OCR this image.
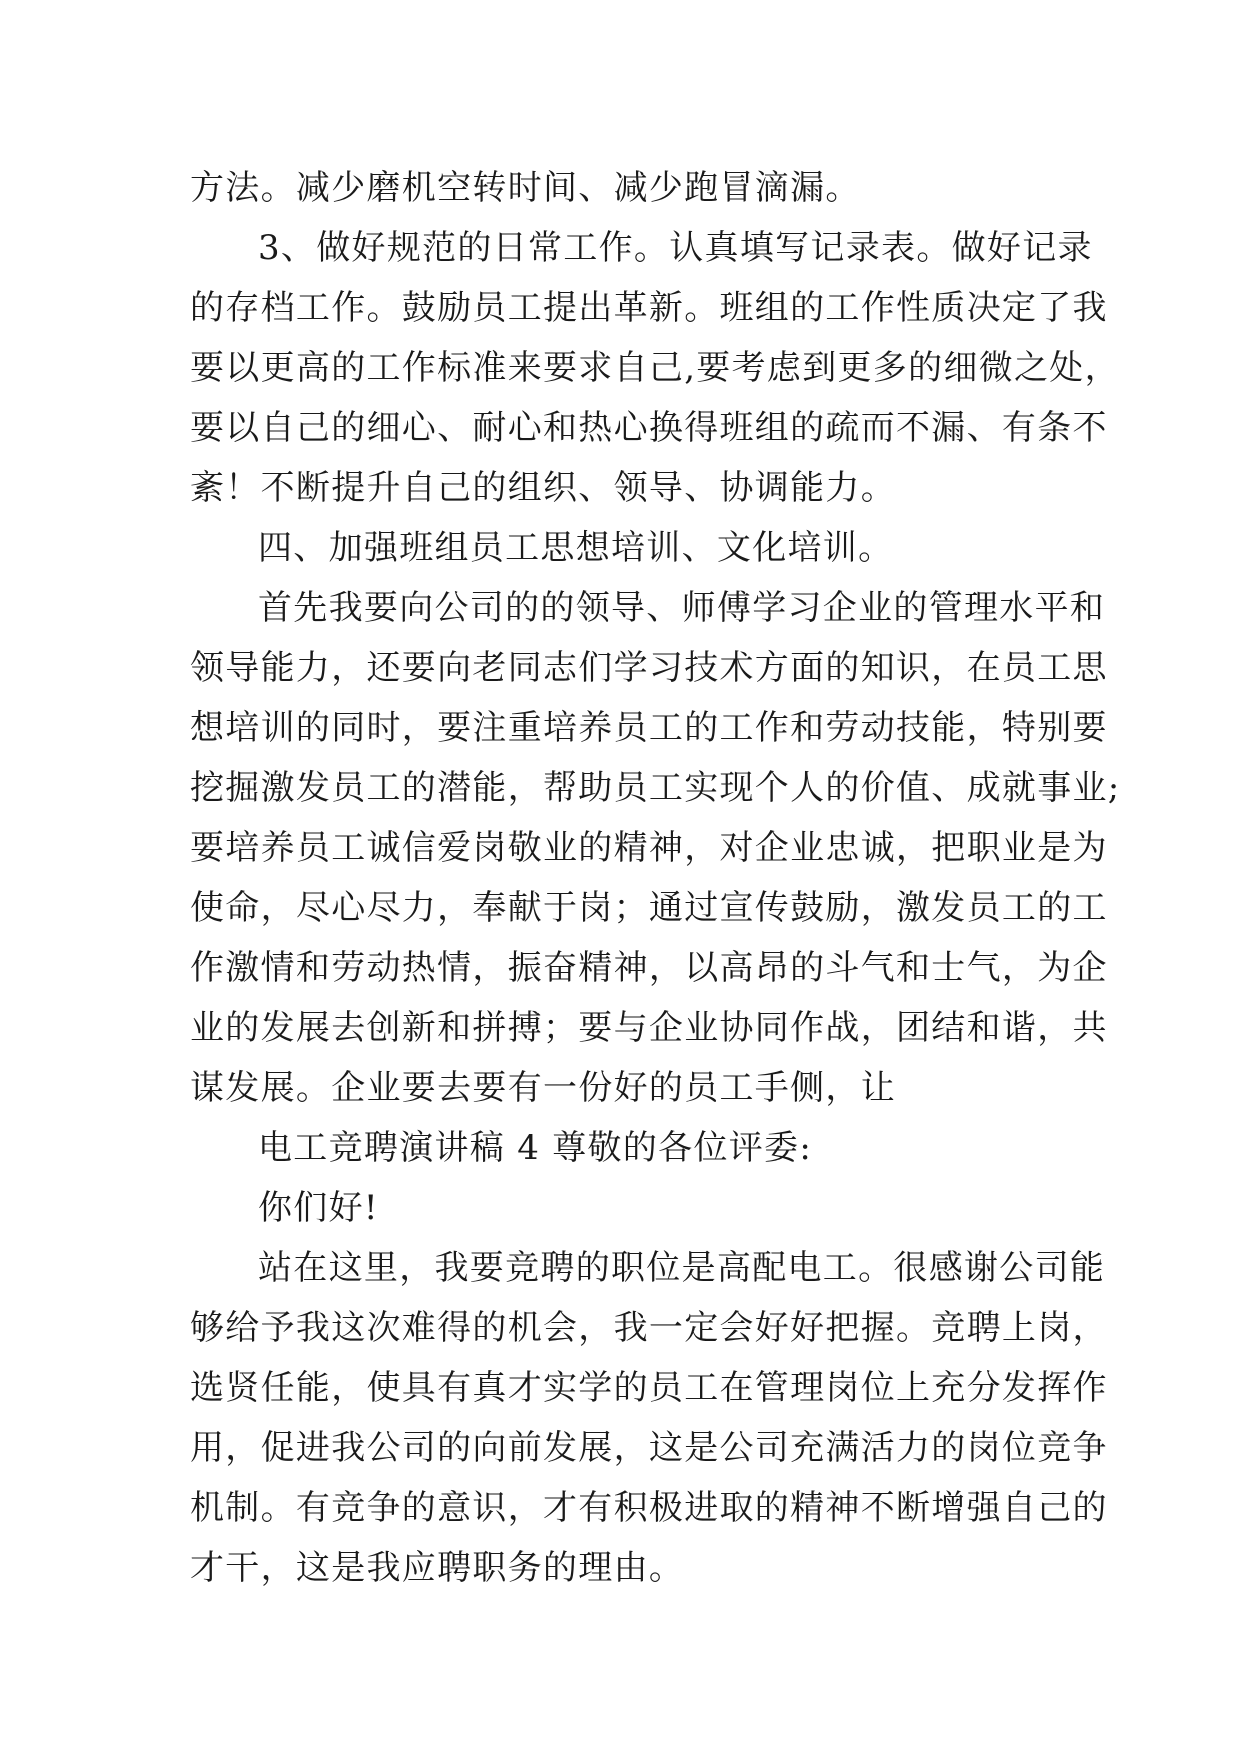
方法。减少磨机空转时间、减少跑冒滴漏。
3、做好规范的日常工作。认真填写记录表。做好记录
的存档工作。鼓励员工提出革新。班组的工作性质决定了我
要以更高的工作标准来要求自己,要考虑到更多的细微之处，
要以自己的细心、耐心和热心换得班组的疏而不漏、有条不
紊！不断提升自己的组织、领导、协调能力。
四、加强班组员工思想培训、文化培训。
首先我要向公司的的领导、师傅学习企业的管理水平和
领导能力，还要向老同志们学习技术方面的知识，在员工思
想培训的同时，要注重培养员工的工作和劳动技能，特别要
挖掘激发员工的潜能，帮助员工实现个人的价值、成就事业;
要培养员工诚信爱岗敬业的精神，对企业忠诚，把职业是为
使命，尽心尽力，奉献于岗；通过宣传鼓励，激发员工的工
作激情和劳动热情，振奋精神，以高昂的斗气和士气，为企
业的发展去创新和拼搏；要与企业协同作战，团结和谐，共
谋发展。企业要去要有一份好的员工手侧，让
电工竞聘演讲稿 4 尊敬的各位评委:
你们好!
站在这里，我要竞聘的职位是高配电工。很感谢公司能
够给予我这次难得的机会，我一定会好好把握。竞聘上岗，
选贤任能，使具有真才实学的员工在管理岗位上充分发挥作
用，促进我公司的向前发展，这是公司充满活力的岗位竞争
机制。有竞争的意识，才有积极进取的精神不断增强自己的
才干，这是我应聘职务的理由。
